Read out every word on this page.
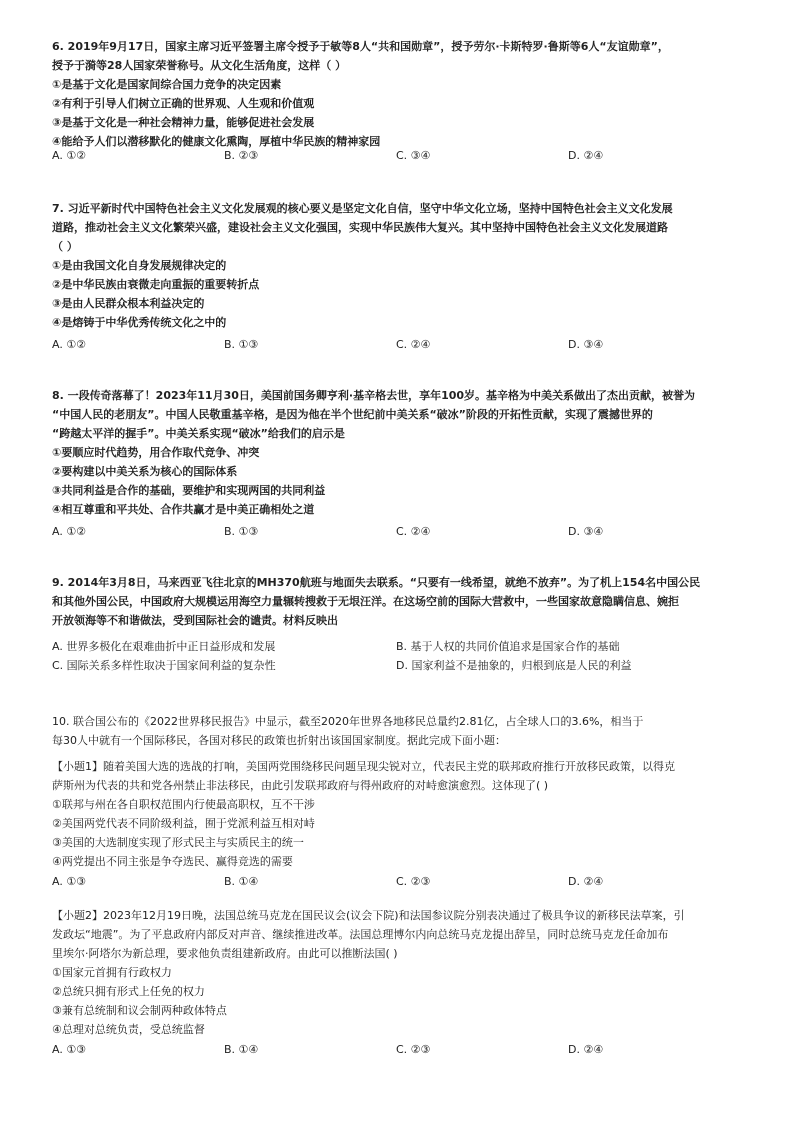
6. 2019年9月17日，国家主席习近平签署主席令授予于敏等8人“共和国勋章”，授予劳尔·卡斯特罗·鲁斯等6人“友谊勋章”，
授予于漪等28人国家荣誉称号。从文化生活角度，这样（ ）
①是基于文化是国家间综合国力竞争的决定因素
②有利于引导人们树立正确的世界观、人生观和价值观
③是基于文化是一种社会精神力量，能够促进社会发展
④能给予人们以潜移默化的健康文化熏陶，厚植中华民族的精神家园
A. ①②	B. ②③	C. ③④	D. ②④
7. 习近平新时代中国特色社会主义文化发展观的核心要义是坚定文化自信，坚守中华文化立场，坚持中国特色社会主义文化发展
道路，推动社会主义文化繁荣兴盛，建设社会主义文化强国，实现中华民族伟大复兴。其中坚持中国特色社会主义文化发展道路
（ ）
①是由我国文化自身发展规律决定的
②是中华民族由衰微走向重振的重要转折点
③是由人民群众根本利益决定的
④是熔铸于中华优秀传统文化之中的
A. ①②	B. ①③	C. ②④	D. ③④
8. 一段传奇落幕了！2023年11月30日，美国前国务卿亨利·基辛格去世，享年100岁。基辛格为中美关系做出了杰出贡献，被誉为
“中国人民的老朋友”。中国人民敬重基辛格，是因为他在半个世纪前中美关系“破冰”阶段的开拓性贡献，实现了震撼世界的
“跨越太平洋的握手”。中美关系实现“破冰”给我们的启示是
①要顺应时代趋势，用合作取代竞争、冲突
②要构建以中美关系为核心的国际体系
③共同利益是合作的基础，要维护和实现两国的共同利益
④相互尊重和平共处、合作共赢才是中美正确相处之道
A. ①②	B. ①③	C. ②④	D. ③④
9. 2014年3月8日，马来西亚飞往北京的MH370航班与地面失去联系。“只要有一线希望，就绝不放弃”。为了机上154名中国公民
和其他外国公民，中国政府大规模运用海空力量辗转搜救于无垠汪洋。在这场空前的国际大营救中，一些国家故意隐瞒信息、婉拒
开放领海等不和谐做法，受到国际社会的谴责。材料反映出
A. 世界多极化在艰难曲折中正日益形成和发展	B. 基于人权的共同价值追求是国家合作的基础
C. 国际关系多样性取决于国家间利益的复杂性	D. 国家利益不是抽象的，归根到底是人民的利益
10. 联合国公布的《2022世界移民报告》中显示，截至2020年世界各地移民总量约2.81亿，占全球人口的3.6%，相当于
每30人中就有一个国际移民，各国对移民的政策也折射出该国国家制度。据此完成下面小题：
【小题1】随着美国大选的选战的打响，美国两党围绕移民问题呈现尖锐对立，代表民主党的联邦政府推行开放移民政策，以得克
萨斯州为代表的共和党各州禁止非法移民，由此引发联邦政府与得州政府的对峙愈演愈烈。这体现了( )
①联邦与州在各自职权范围内行使最高职权，互不干涉
②美国两党代表不同阶级利益，囿于党派利益互相对峙
③美国的大选制度实现了形式民主与实质民主的统一
④两党提出不同主张是争夺选民、赢得竞选的需要
A. ①③	B. ①④	C. ②③	D. ②④
【小题2】2023年12月19日晚，法国总统马克龙在国民议会(议会下院)和法国参议院分别表决通过了极具争议的新移民法草案，引
发政坛“地震”。为了平息政府内部反对声音、继续推进改革。法国总理博尔内向总统马克龙提出辞呈，同时总统马克龙任命加布
里埃尔·阿塔尔为新总理，要求他负责组建新政府。由此可以推断法国( )
①国家元首拥有行政权力
②总统只拥有形式上任免的权力
③兼有总统制和议会制两种政体特点
④总理对总统负责，受总统监督
A. ①③	B. ①④	C. ②③	D. ②④
